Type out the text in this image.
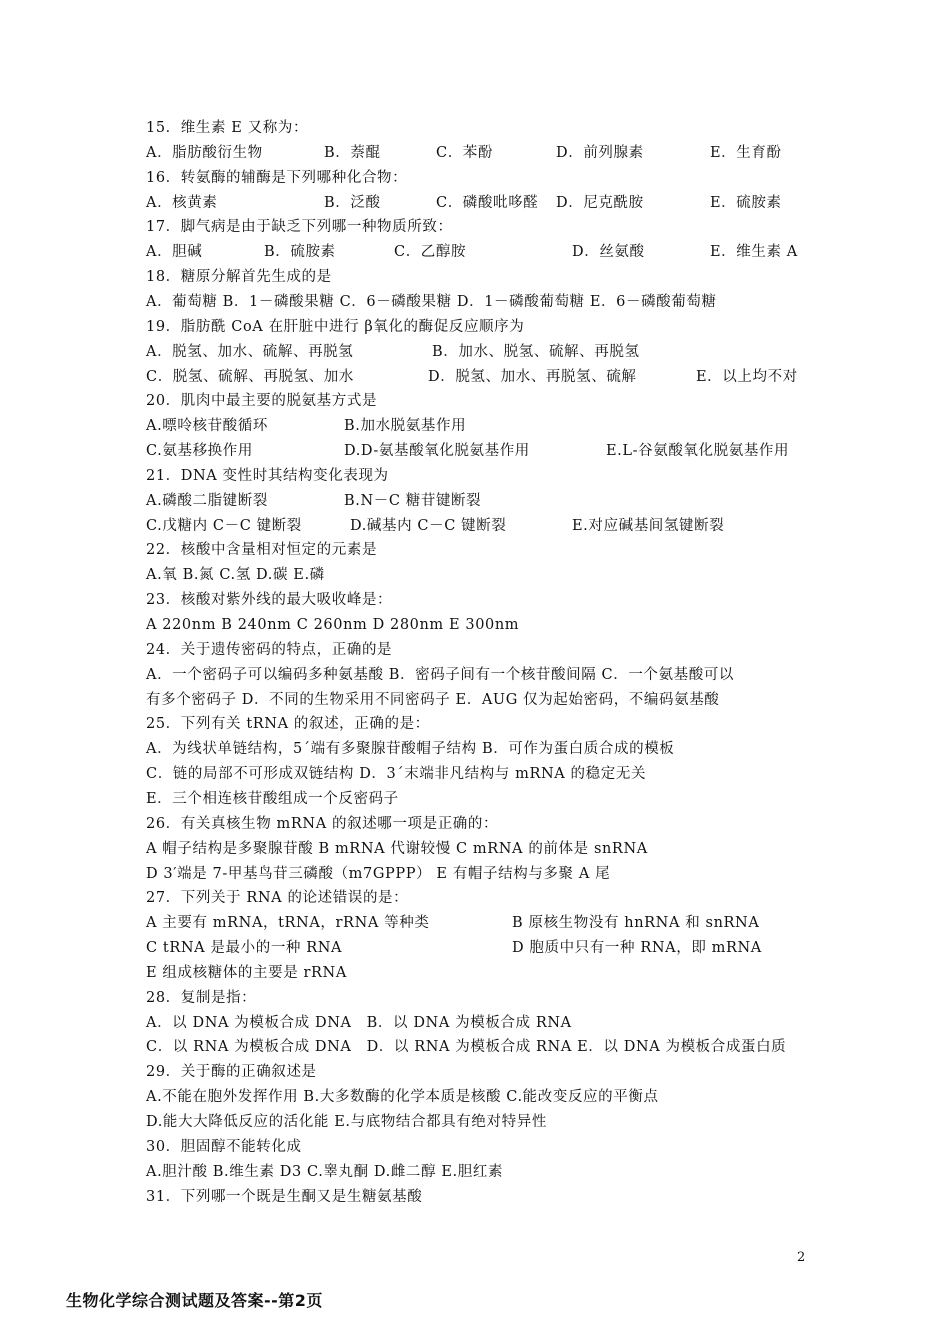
15．维生素 E 又称为：
A．脂肪酸衍生物	B．萘醌	C．苯酚	D．前列腺素	E．生育酚
16．转氨酶的辅酶是下列哪种化合物：
A．核黄素	B．泛酸	C．磷酸吡哆醛 D．尼克酰胺	E．硫胺素
17．脚气病是由于缺乏下列哪一种物质所致：
A．胆碱	B．硫胺素	C．乙醇胺	D．丝氨酸	E．维生素 A
18．糖原分解首先生成的是
A．葡萄糖 B．1－磷酸果糖 C．6－磷酸果糖 D．1－磷酸葡萄糖 E．6－磷酸葡萄糖
19．脂肪酰 CoA 在肝脏中进行 β氧化的酶促反应顺序为
A．脱氢、加水、硫解、再脱氢	B．加水、脱氢、硫解、再脱氢
C．脱氢、硫解、再脱氢、加水	D．脱氢、加水、再脱氢、硫解	E．以上均不对
20．肌肉中最主要的脱氨基方式是
A.嘌呤核苷酸循环	B.加水脱氨基作用
C.氨基移换作用	D.D-氨基酸氧化脱氨基作用	E.L-谷氨酸氧化脱氨基作用
21．DNA 变性时其结构变化表现为
A.磷酸二脂键断裂	B.N－C 糖苷键断裂
C.戊糖内 C－C 键断裂	D.碱基内 C－C 键断裂	E.对应碱基间氢键断裂
22．核酸中含量相对恒定的元素是
A.氧 B.氮 C.氢 D.碳 E.磷
23．核酸对紫外线的最大吸收峰是：
A 220nm B 240nm C 260nm D 280nm E 300nm
24．关于遗传密码的特点，正确的是
A．一个密码子可以编码多种氨基酸 B．密码子间有一个核苷酸间隔 C．一个氨基酸可以
有多个密码子 D．不同的生物采用不同密码子 E．AUG 仅为起始密码，不编码氨基酸
25．下列有关 tRNA 的叙述，正确的是：
A．为线状单链结构，5´端有多聚腺苷酸帽子结构 B．可作为蛋白质合成的模板
C．链的局部不可形成双链结构 D．3´末端非凡结构与 mRNA 的稳定无关
E．三个相连核苷酸组成一个反密码子
26．有关真核生物 mRNA 的叙述哪一项是正确的：
A 帽子结构是多聚腺苷酸 B mRNA 代谢较慢 C mRNA 的前体是 snRNA
D 3′端是 7-甲基鸟苷三磷酸（m7GPPP） E 有帽子结构与多聚 A 尾
27．下列关于 RNA 的论述错误的是：
A 主要有 mRNA，tRNA，rRNA 等种类	B 原核生物没有 hnRNA 和 snRNA
C tRNA 是最小的一种 RNA	D 胞质中只有一种 RNA，即 mRNA
E 组成核糖体的主要是 rRNA
28．复制是指：
A．以 DNA 为模板合成 DNA　B．以 DNA 为模板合成 RNA
C．以 RNA 为模板合成 DNA　D．以 RNA 为模板合成 RNA E．以 DNA 为模板合成蛋白质
29．关于酶的正确叙述是
A.不能在胞外发挥作用 B.大多数酶的化学本质是核酸 C.能改变反应的平衡点
D.能大大降低反应的活化能 E.与底物结合都具有绝对特异性
30．胆固醇不能转化成
A.胆汁酸 B.维生素 D3 C.睾丸酮 D.雌二醇 E.胆红素
31．下列哪一个既是生酮又是生糖氨基酸
2
生物化学综合测试题及答案--第2页
